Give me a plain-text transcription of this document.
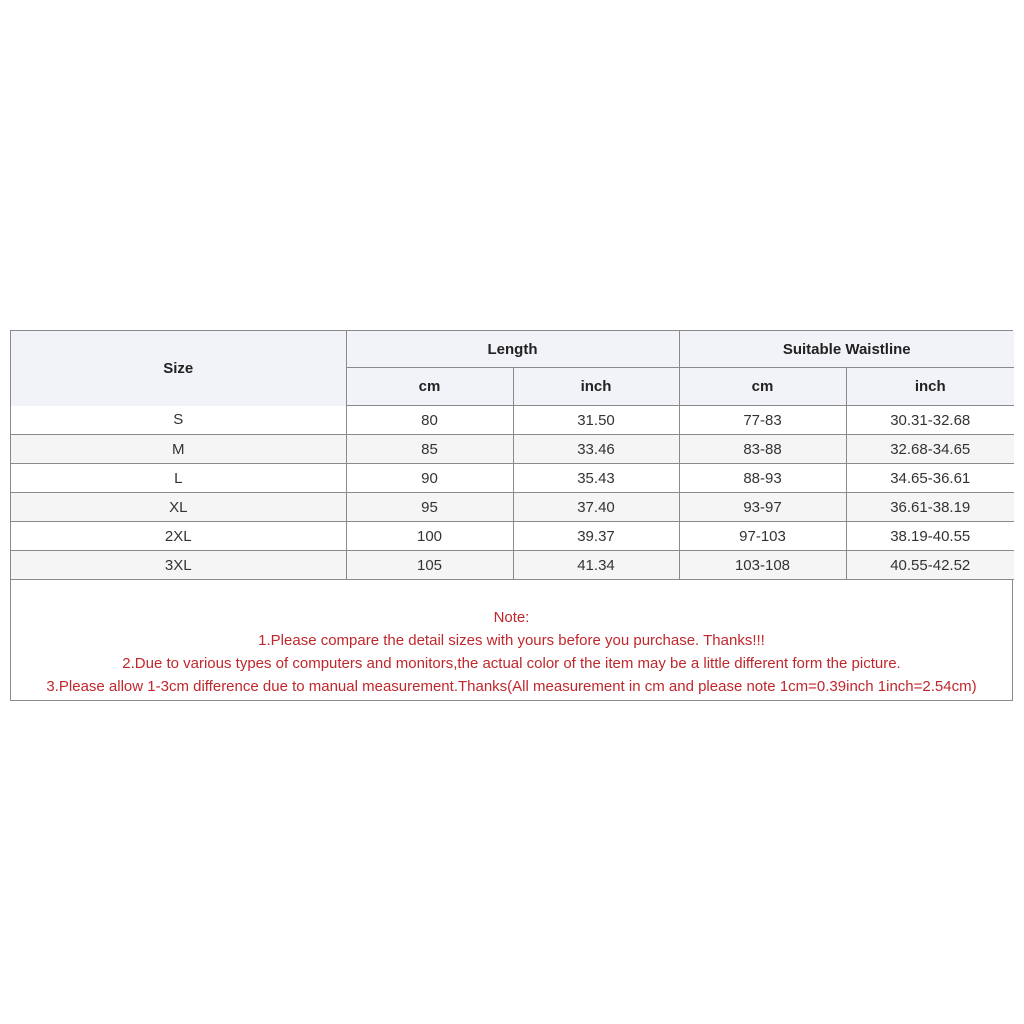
Size	Length		Suitable Waistline	
	cm	inch	cm	inch
S	80	31.50	77-83	30.31-32.68
M	85	33.46	83-88	32.68-34.65
L	90	35.43	88-93	34.65-36.61
XL	95	37.40	93-97	36.61-38.19
2XL	100	39.37	97-103	38.19-40.55
3XL	105	41.34	103-108	40.55-42.52
Note:
1.Please compare the detail sizes with yours before you purchase. Thanks!!!
2.Due to various types of computers and monitors,the actual color of the item may be a little different form the picture.
3.Please allow 1-3cm difference due to manual measurement.Thanks(All measurement in cm and please note 1cm=0.39inch 1inch=2.54cm)
